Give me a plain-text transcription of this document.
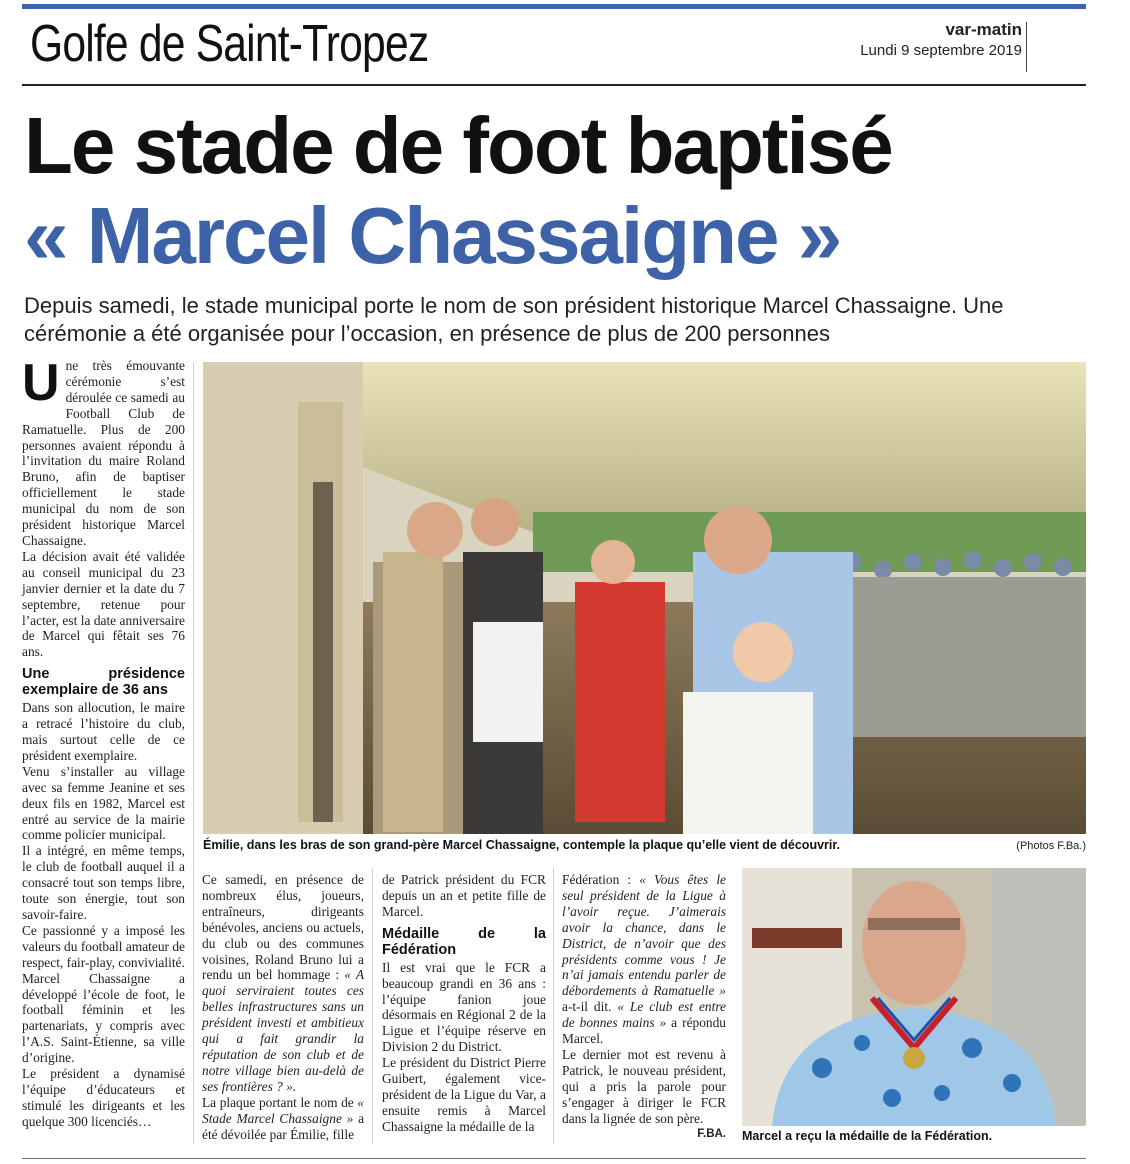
Golfe de Saint-Tropez	var-matin
Lundi 9 septembre 2019
Le stade de foot baptisé
« Marcel Chassaigne »
Depuis samedi, le stade municipal porte le nom de son président historique Marcel Chassaigne. Une cérémonie a été organisée pour l’occasion, en présence de plus de 200 personnes
U ne très émouvante cérémonie s’est déroulée ce samedi au Football Club de Ramatuelle. Plus de 200 personnes avaient répondu à l’invitation du maire Roland Bruno, afin de baptiser officiellement le stade municipal du nom de son président historique Marcel Chassaigne.

La décision avait été validée au conseil municipal du 23 janvier dernier et la date du 7 septembre, retenue pour l’acter, est la date anniversaire de Marcel qui fêtait ses 76 ans.

Une présidence exemplaire de 36 ans

Dans son allocution, le maire a retracé l’histoire du club, mais surtout celle de ce président exemplaire.

Venu s’installer au village avec sa femme Jeanine et ses deux fils en 1982, Marcel est entré au service de la mairie comme policier municipal.

Il a intégré, en même temps, le club de football auquel il a consacré tout son temps libre, toute son énergie, tout son savoir-faire.

Ce passionné y a imposé les valeurs du football amateur de respect, fair-play, convivialité.

Marcel Chassaigne a développé l’école de foot, le football féminin et les partenariats, y compris avec l’A.S. Saint-Étienne, sa ville d’origine.

Le président a dynamisé l’équipe d’éducateurs et stimulé les dirigeants et les quelque 300 licenciés…

Émilie, dans les bras de son grand-père Marcel Chassaigne, contemple la plaque qu’elle vient de découvrir.	(Photos F.Ba.)

Ce samedi, en présence de nombreux élus, joueurs, entraîneurs, dirigeants bénévoles, anciens ou actuels, du club ou des communes voisines, Roland Bruno lui a rendu un bel hommage : « A quoi serviraient toutes ces belles infrastructures sans un président investi et ambitieux qui a fait grandir la réputation de son club et de notre village bien au-delà de ses frontières ? ».

La plaque portant le nom de « Stade Marcel Chassaigne » a été dévoilée par Émilie, fille

de Patrick président du FCR depuis un an et petite fille de Marcel.

Médaille de la Fédération

Il est vrai que le FCR a beaucoup grandi en 36 ans : l’équipe fanion joue désormais en Régional 2 de la Ligue et l’équipe réserve en Division 2 du District.

Le président du District Pierre Guibert, également vice-président de la Ligue du Var, a ensuite remis à Marcel Chassaigne la médaille de la

Fédération : « Vous êtes le seul président de la Ligue à l’avoir reçue. J’aimerais avoir la chance, dans le District, de n’avoir que des présidents comme vous ! Je n’ai jamais entendu parler de débordements à Ramatuelle » a-t-il dit. « Le club est entre de bonnes mains » a répondu Marcel.

Le dernier mot est revenu à Patrick, le nouveau président, qui a pris la parole pour s’engager à diriger le FCR dans la lignée de son père.
F.BA. Marcel a reçu la médaille de la Fédération.
